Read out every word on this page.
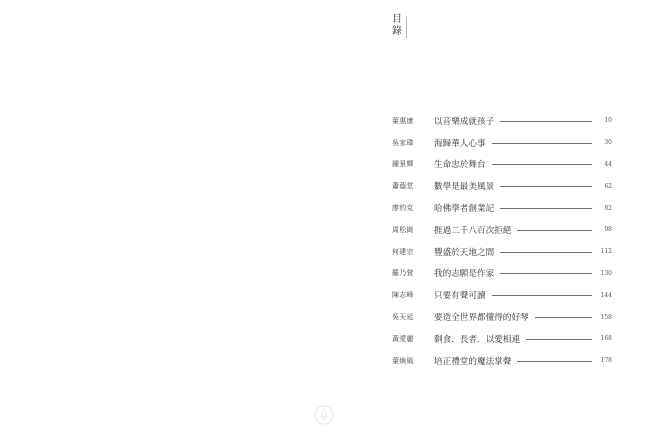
目
錄
葉惠康	以音樂成就孩子	10
吳家瑋	海歸華人心事	30
鍾景輝	生命忠於舞台	44
蕭蔭堂	數學是最美風景	62
廖約克	哈佛學者創業記	82
周松崗	捱過二千八百次拒絕	98
何建宗	豐盛於天地之間	112
羅乃萱	我的志願是作家	130
陳志峰	只要有聲可讀	144
吳天延	要造全世界都懂得的好琴	158
黃愛麗	剩食．長者．以愛相連	168
葉煥風	培正禮堂的魔法掌聲	178
